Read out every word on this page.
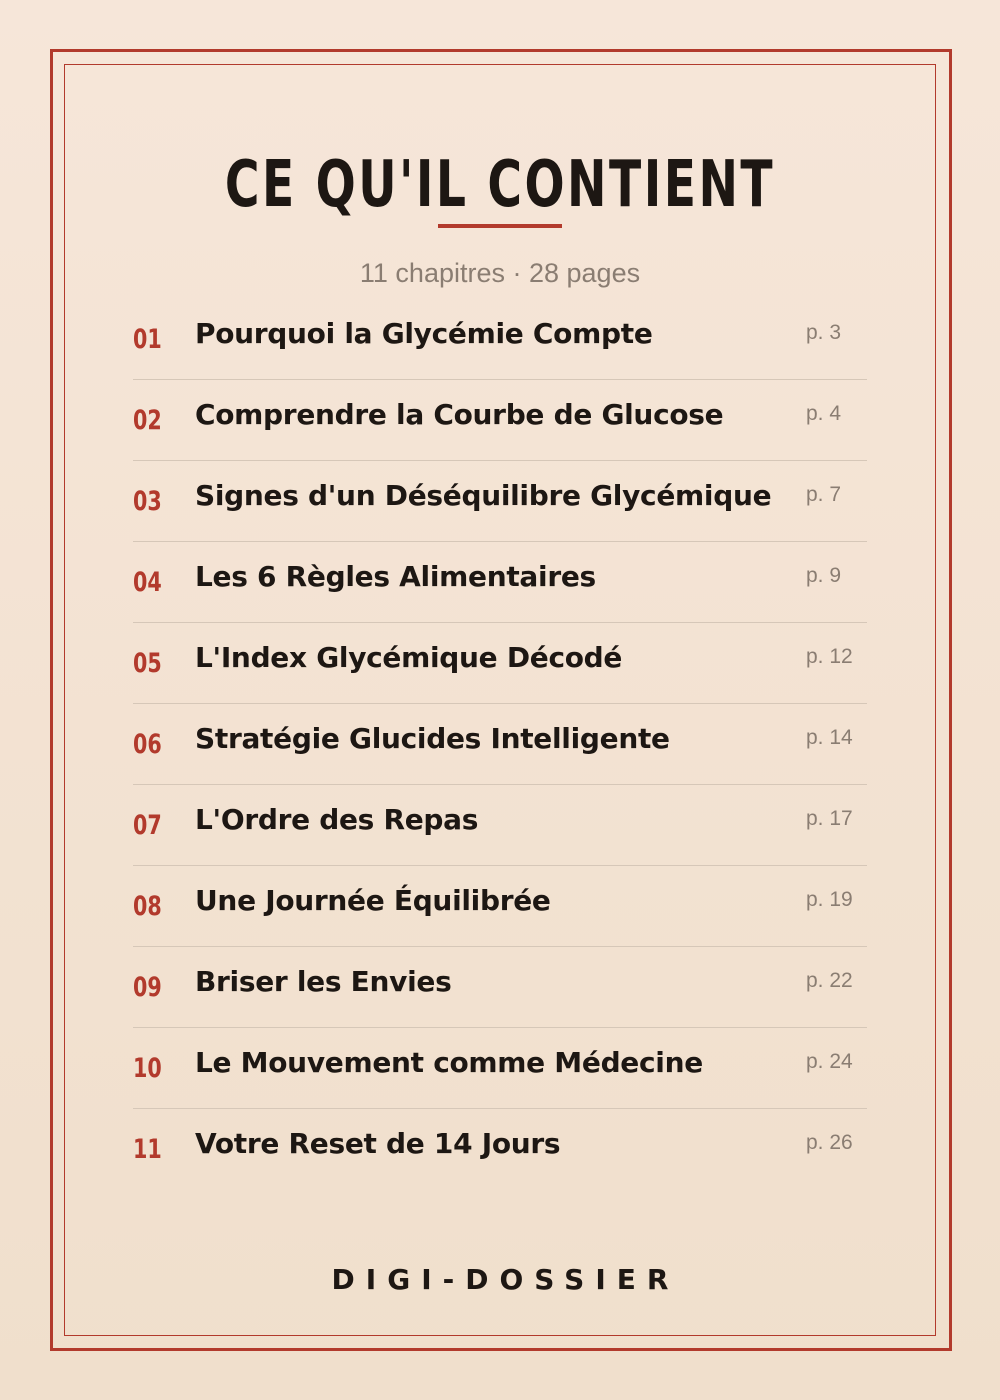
CE QU'IL CONTIENT
11 chapitres · 28 pages
01 Pourquoi la Glycémie Compte	p. 3
02 Comprendre la Courbe de Glucose	p. 4
03 Signes d'un Déséquilibre Glycémique p. 7
04 Les 6 Règles Alimentaires	p. 9
05 L'Index Glycémique Décodé	p. 12
06 Stratégie Glucides Intelligente	p. 14
07 L'Ordre des Repas	p. 17
08 Une Journée Équilibrée	p. 19
09 Briser les Envies	p. 22
10 Le Mouvement comme Médecine	p. 24
11 Votre Reset de 14 Jours	p. 26
DIGI-DOSSIER
